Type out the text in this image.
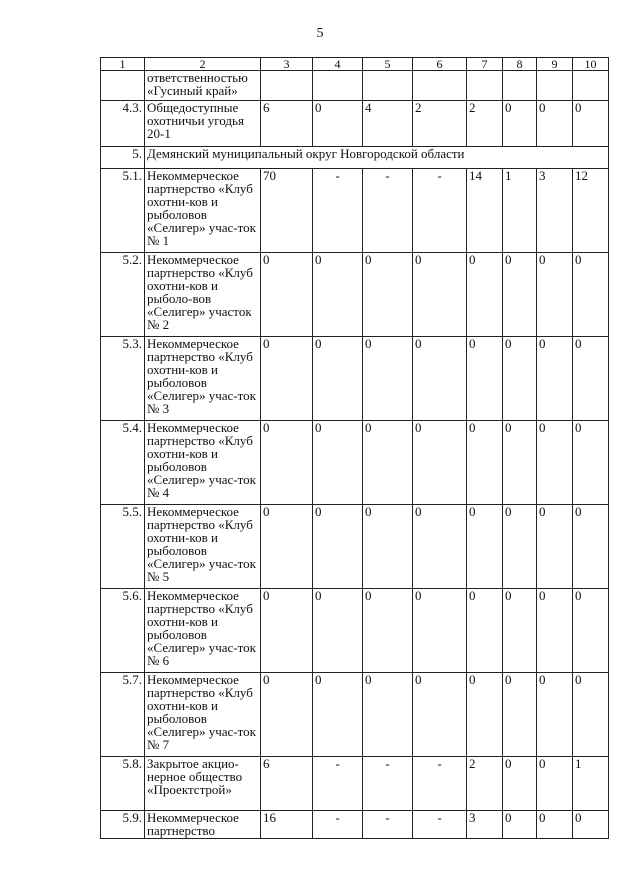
5
1	2	3	4	5	6	7	8	9	10
	ответственностью «Гусиный край»								
4.3.	Общедоступные охотничьи угодья 20-1	6	0	4	2	2	0	0	0
5.	Демянский муниципальный округ Новгородской области								
5.1.	Некоммерческое партнерство «Клуб охотни-ков и рыболовов «Селигер» учас-ток № 1	70	-	-	-	14	1	3	12
5.2.	Некоммерческое партнерство «Клуб охотни-ков и рыболо-вов «Селигер» участок № 2	0	0	0	0	0	0	0	0
5.3.	Некоммерческое партнерство «Клуб охотни-ков и рыболовов «Селигер» учас-ток № 3	0	0	0	0	0	0	0	0
5.4.	Некоммерческое партнерство «Клуб охотни-ков и рыболовов «Селигер» учас-ток № 4	0	0	0	0	0	0	0	0
5.5.	Некоммерческое партнерство «Клуб охотни-ков и рыболовов «Селигер» учас-ток № 5	0	0	0	0	0	0	0	0
5.6.	Некоммерческое партнерство «Клуб охотни-ков и рыболовов «Селигер» учас-ток № 6	0	0	0	0	0	0	0	0
5.7.	Некоммерческое партнерство «Клуб охотни-ков и рыболовов «Селигер» учас-ток № 7	0	0	0	0	0	0	0	0
5.8.	Закрытое акцио-нерное общество «Проектстрой»	6	-	-	-	2	0	0	1
5.9.	Некоммерческое партнерство	16	-	-	-	3	0	0	0
